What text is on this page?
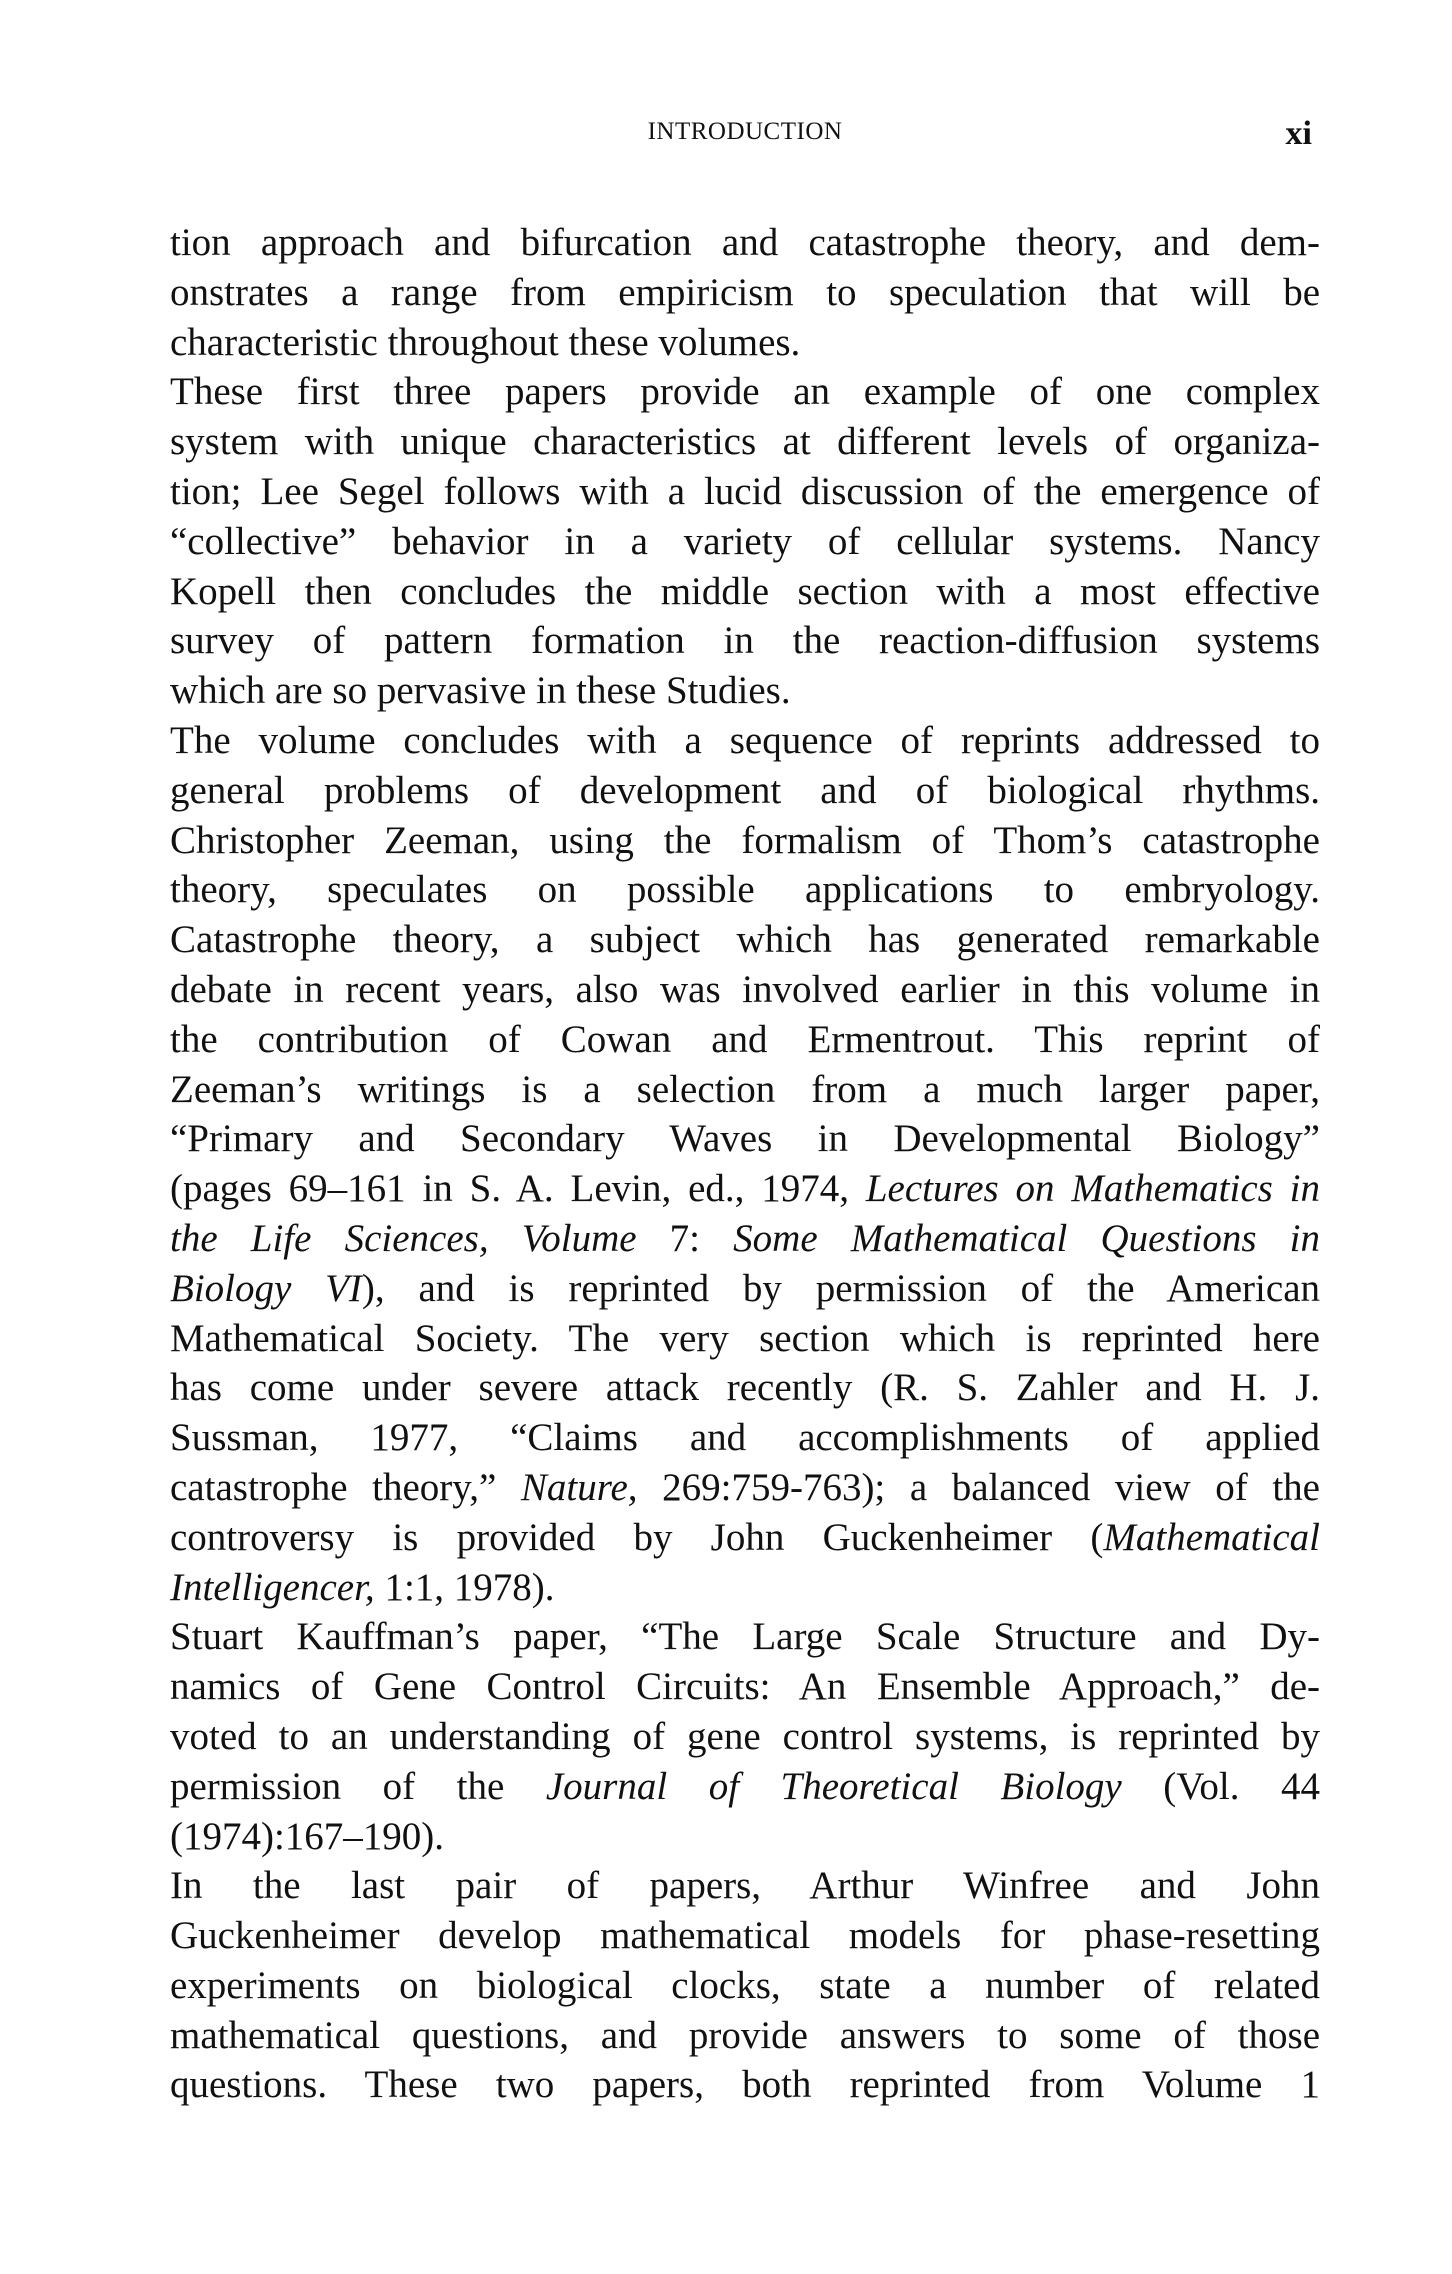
INTRODUCTION	xi
tion approach and bifurcation and catastrophe theory, and dem-
onstrates a range from empiricism to speculation that will be
characteristic throughout these volumes.
These first three papers provide an example of one complex
system with unique characteristics at different levels of organiza-
tion; Lee Segel follows with a lucid discussion of the emergence of
“collective” behavior in a variety of cellular systems. Nancy
Kopell then concludes the middle section with a most effective
survey of pattern formation in the reaction-diffusion systems
which are so pervasive in these Studies.
The volume concludes with a sequence of reprints addressed to
general problems of development and of biological rhythms.
Christopher Zeeman, using the formalism of Thom’s catastrophe
theory, speculates on possible applications to embryology.
Catastrophe theory, a subject which has generated remarkable
debate in recent years, also was involved earlier in this volume in
the contribution of Cowan and Ermentrout. This reprint of
Zeeman’s writings is a selection from a much larger paper,
“Primary and Secondary Waves in Developmental Biology”
(pages 69–161 in S. A. Levin, ed., 1974, Lectures on Mathematics in
the Life Sciences, Volume 7: Some Mathematical Questions in
Biology VI), and is reprinted by permission of the American
Mathematical Society. The very section which is reprinted here
has come under severe attack recently (R. S. Zahler and H. J.
Sussman, 1977, “Claims and accomplishments of applied
catastrophe theory,” Nature, 269:759-763); a balanced view of the
controversy is provided by John Guckenheimer (Mathematical
Intelligencer, 1:1, 1978).
Stuart Kauffman’s paper, “The Large Scale Structure and Dy-
namics of Gene Control Circuits: An Ensemble Approach,” de-
voted to an understanding of gene control systems, is reprinted by
permission of the Journal of Theoretical Biology (Vol. 44
(1974):167–190).
In the last pair of papers, Arthur Winfree and John
Guckenheimer develop mathematical models for phase-resetting
experiments on biological clocks, state a number of related
mathematical questions, and provide answers to some of those
questions. These two papers, both reprinted from Volume 1
